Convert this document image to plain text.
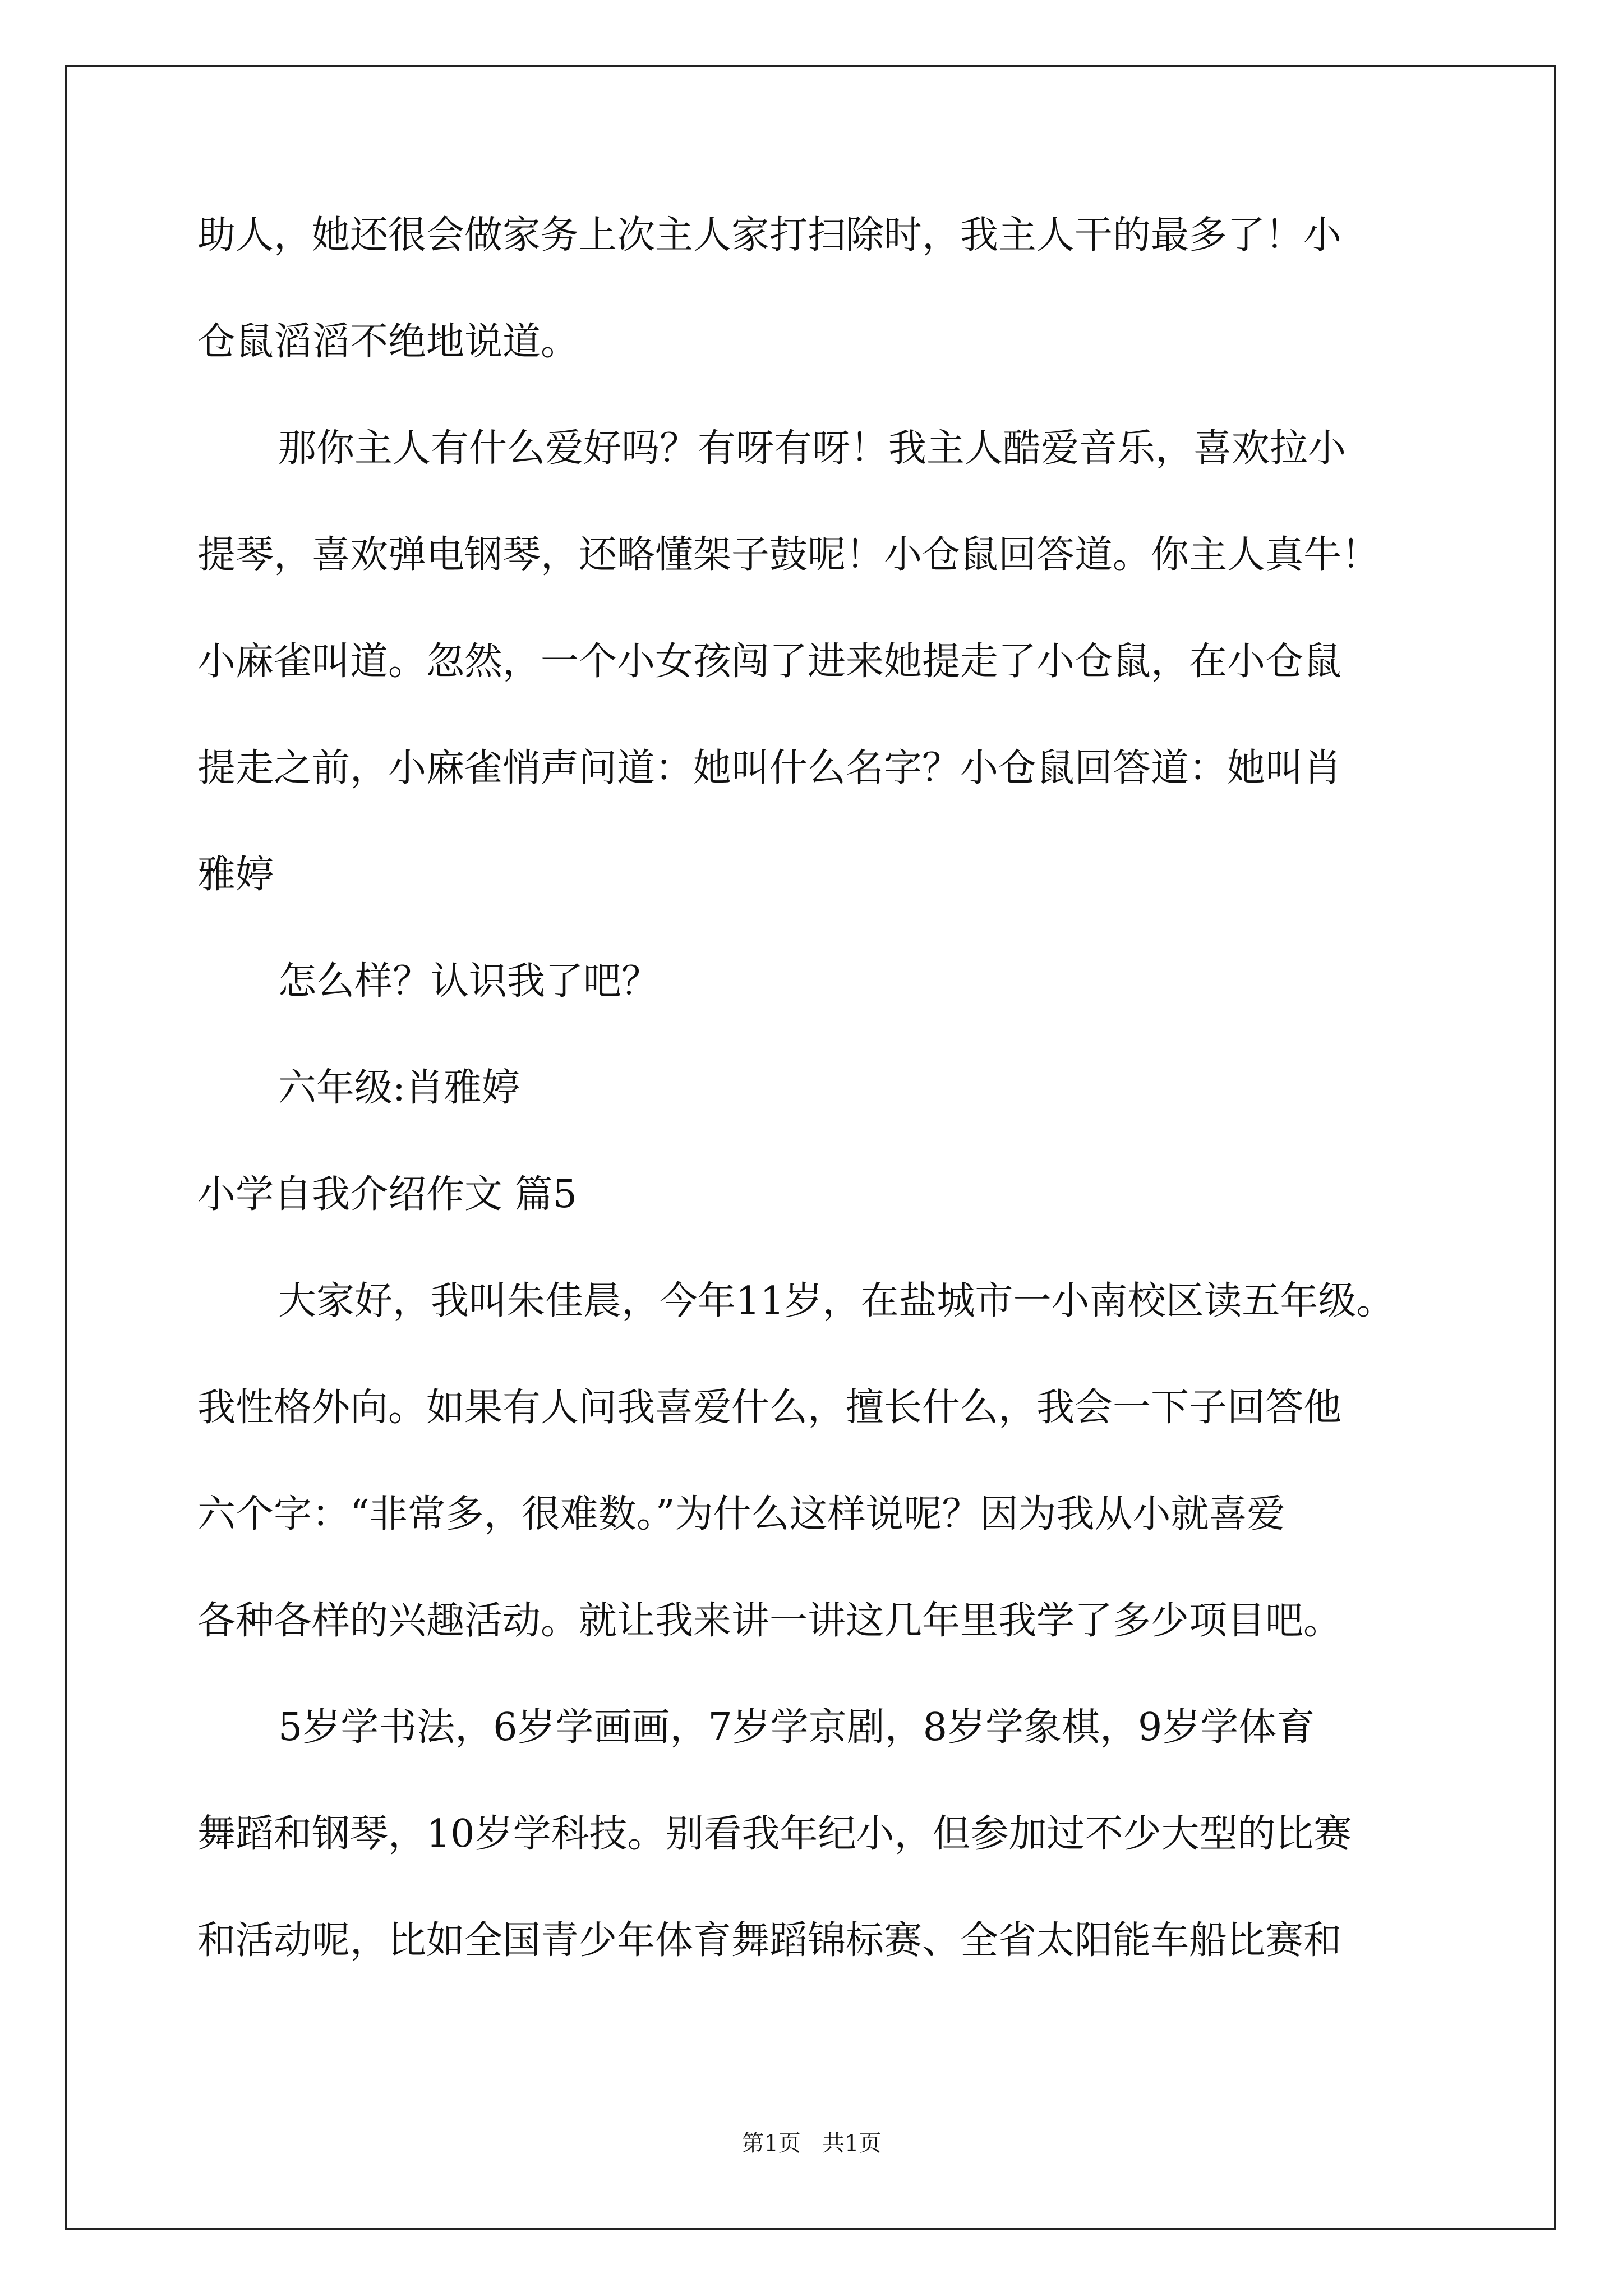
助人，她还很会做家务上次主人家打扫除时，我主人干的最多了！小
仓鼠滔滔不绝地说道。
那你主人有什么爱好吗？有呀有呀！我主人酷爱音乐，喜欢拉小
提琴，喜欢弹电钢琴，还略懂架子鼓呢！小仓鼠回答道。你主人真牛！
小麻雀叫道。忽然，一个小女孩闯了进来她提走了小仓鼠，在小仓鼠
提走之前，小麻雀悄声问道：她叫什么名字？小仓鼠回答道：她叫肖
雅婷
怎么样？认识我了吧？
六年级:肖雅婷
小学自我介绍作文 篇5
大家好，我叫朱佳晨，今年11岁，在盐城市一小南校区读五年级。
我性格外向。如果有人问我喜爱什么，擅长什么，我会一下子回答他
六个字：“非常多，很难数。”为什么这样说呢？因为我从小就喜爱
各种各样的兴趣活动。就让我来讲一讲这几年里我学了多少项目吧。
5岁学书法，6岁学画画，7岁学京剧，8岁学象棋，9岁学体育
舞蹈和钢琴，10岁学科技。别看我年纪小，但参加过不少大型的比赛
和活动呢，比如全国青少年体育舞蹈锦标赛、全省太阳能车船比赛和
第1页   共1页
